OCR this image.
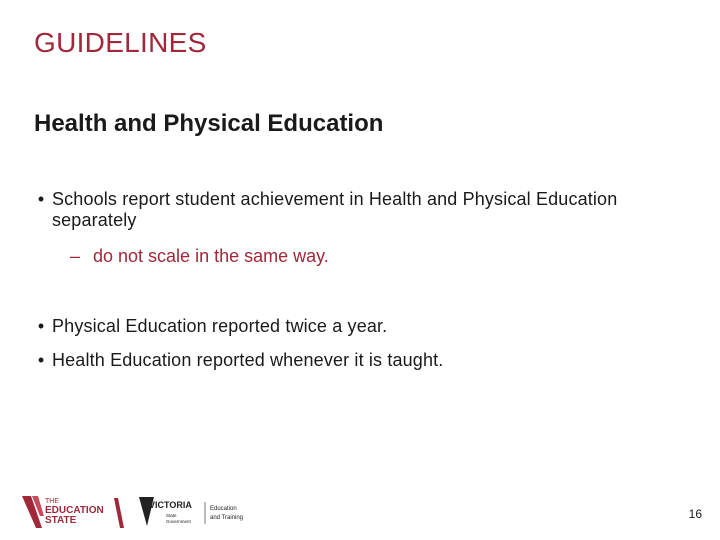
GUIDELINES
Health and Physical Education
• Schools report student achievement in Health and Physical Education separately
– do not scale in the same way.
• Physical Education reported twice a year.
• Health Education reported whenever it is taught.
THE
EDUCATION
STATE
VICTORIA
State
Government
Education
and Training	16
